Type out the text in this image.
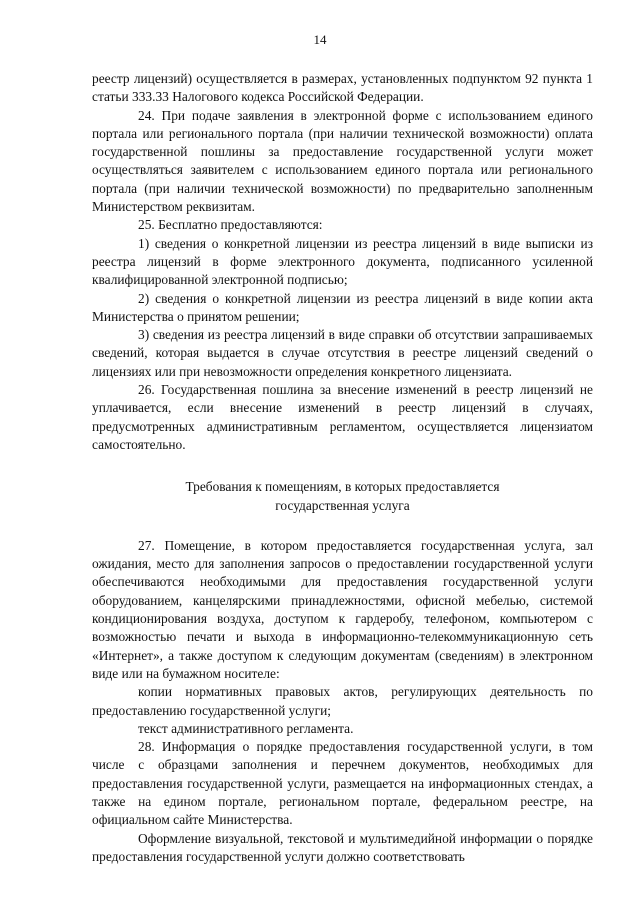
14

реестр лицензий) осуществляется в размерах, установленных подпунктом 92 пункта 1 статьи 333.33 Налогового кодекса Российской Федерации.

24. При подаче заявления в электронной форме с использованием единого портала или регионального портала (при наличии технической возможности) оплата государственной пошлины за предоставление государственной услуги может осуществляться заявителем с использованием единого портала или регионального портала (при наличии технической возможности) по предварительно заполненным Министерством реквизитам.

25. Бесплатно предоставляются:

1) сведения о конкретной лицензии из реестра лицензий в виде выписки из реестра лицензий в форме электронного документа, подписанного усиленной квалифицированной электронной подписью;

2) сведения о конкретной лицензии из реестра лицензий в виде копии акта Министерства о принятом решении;

3) сведения из реестра лицензий в виде справки об отсутствии запрашиваемых сведений, которая выдается в случае отсутствия в реестре лицензий сведений о лицензиях или при невозможности определения конкретного лицензиата.

26. Государственная пошлина за внесение изменений в реестр лицензий не уплачивается, если внесение изменений в реестр лицензий в случаях, предусмотренных административным регламентом, осуществляется лицензиатом самостоятельно.

Требования к помещениям, в которых предоставляется
государственная услуга

27. Помещение, в котором предоставляется государственная услуга, зал ожидания, место для заполнения запросов о предоставлении государственной услуги обеспечиваются необходимыми для предоставления государственной услуги оборудованием, канцелярскими принадлежностями, офисной мебелью, системой кондиционирования воздуха, доступом к гардеробу, телефоном, компьютером с возможностью печати и выхода в информационно-телекоммуникационную сеть «Интернет», а также доступом к следующим документам (сведениям) в электронном виде или на бумажном носителе:

копии нормативных правовых актов, регулирующих деятельность по предоставлению государственной услуги;

текст административного регламента.

28. Информация о порядке предоставления государственной услуги, в том числе с образцами заполнения и перечнем документов, необходимых для предоставления государственной услуги, размещается на информационных стендах, а также на едином портале, региональном портале, федеральном реестре, на официальном сайте Министерства.

Оформление визуальной, текстовой и мультимедийной информации о порядке предоставления государственной услуги должно соответствовать
